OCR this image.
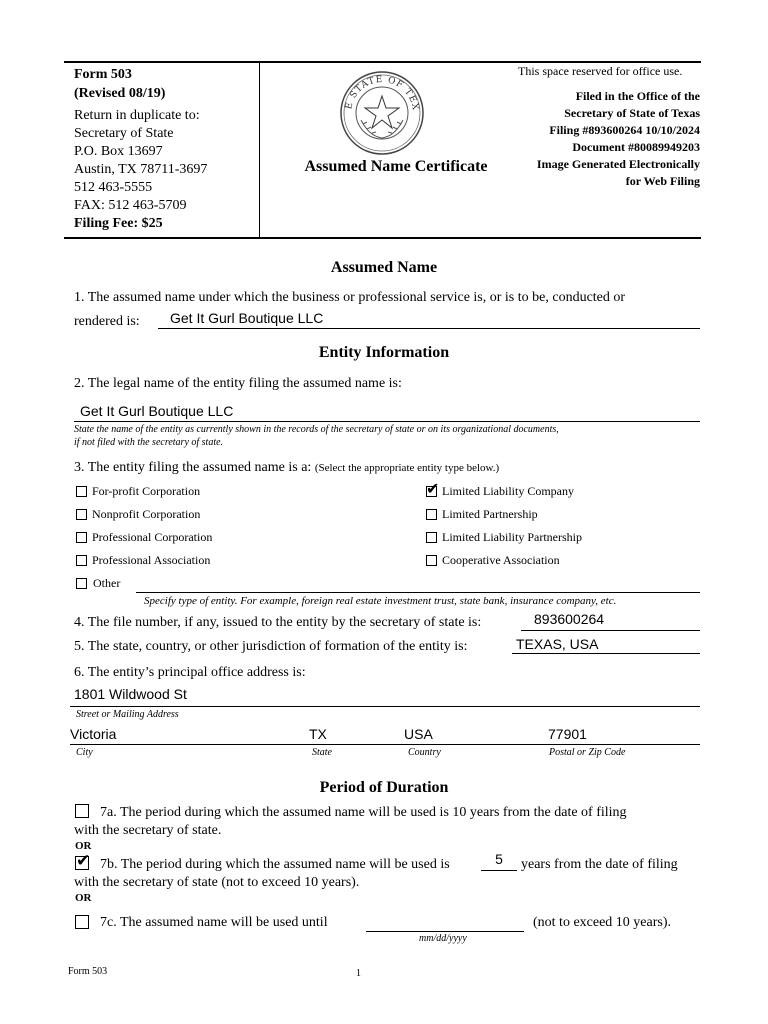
Form 503
(Revised 08/19)
Return in duplicate to:
Secretary of State
P.O. Box 13697
Austin, TX 78711-3697
512 463-5555
FAX: 512 463-5709
Filing Fee: $25
E STATE OF TEX
Assumed Name Certificate
This space reserved for office use.
Filed in the Office of the
Secretary of State of Texas
Filing #893600264 10/10/2024
Document #80089949203
Image Generated Electronically
for Web Filing
Assumed Name
1. The assumed name under which the business or professional service is, or is to be, conducted or
rendered is: Get It Gurl Boutique LLC
Entity Information
2. The legal name of the entity filing the assumed name is:
Get It Gurl Boutique LLC
State the name of the entity as currently shown in the records of the secretary of state or on its organizational documents,
if not filed with the secretary of state.
3. The entity filing the assumed name is a: (Select the appropriate entity type below.)
For-profit Corporation
Nonprofit Corporation
Professional Corporation
Professional Association
✔ Limited Liability Company
Limited Partnership
Limited Liability Partnership
Cooperative Association
Other
Specify type of entity. For example, foreign real estate investment trust, state bank, insurance company, etc.
4. The file number, if any, issued to the entity by the secretary of state is:	893600264
5. The state, country, or other jurisdiction of formation of the entity is:	TEXAS, USA
6. The entity’s principal office address is:
1801 Wildwood St
Street or Mailing Address
Victoria	TX	USA	77901
City	State	Country	Postal or Zip Code
Period of Duration
7a. The period during which the assumed name will be used is 10 years from the date of filing
with the secretary of state.
OR
✔ 7b. The period during which the assumed name will be used is	5	years from the date of filing
with the secretary of state (not to exceed 10 years).
OR
7c. The assumed name will be used until
mm/dd/yyyy
(not to exceed 10 years).
Form 503	1
